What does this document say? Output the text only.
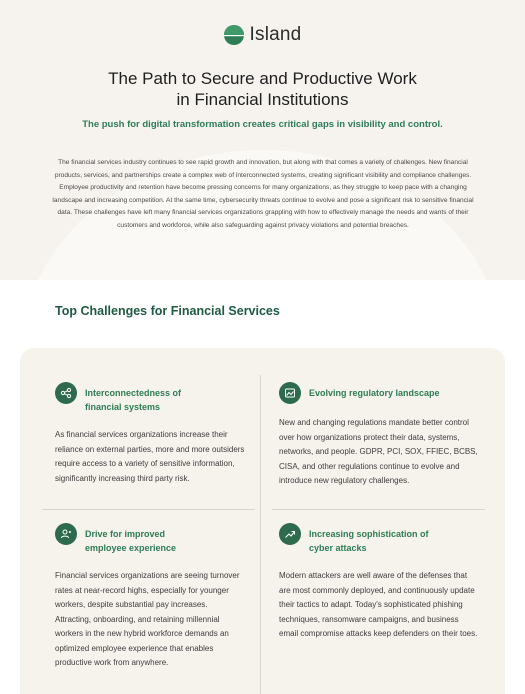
Island
The Path to Secure and Productive Work
in Financial Institutions

The push for digital transformation creates critical gaps in visibility and control.

The financial services industry continues to see rapid growth and innovation, but along with that comes a variety of challenges. New financial products, services, and partnerships create a complex web of interconnected systems, creating significant visibility and compliance challenges. Employee productivity and retention have become pressing concerns for many organizations, as they struggle to keep pace with a changing landscape and increasing competition. At the same time, cybersecurity threats continue to evolve and pose a significant risk to sensitive financial data. These challenges have left many financial services organizations grappling with how to effectively manage the needs and wants of their customers and workforce, while also safeguarding against privacy violations and potential breaches.

Top Challenges for Financial Services
Interconnectedness of
financial systems

As financial services organizations increase their reliance on external parties, more and more outsiders require access to a variety of sensitive information, significantly increasing third party risk.

Evolving regulatory landscape

New and changing regulations mandate better control over how organizations protect their data, systems, networks, and people. GDPR, PCI, SOX, FFIEC, BCBS, CISA, and other regulations continue to evolve and introduce new regulatory challenges.

Drive for improved
employee experience

Financial services organizations are seeing turnover rates at near-record highs, especially for younger workers, despite substantial pay increases. Attracting, onboarding, and retaining millennial workers in the new hybrid workforce demands an optimized employee experience that enables productive work from anywhere.

Increasing sophistication of
cyber attacks

Modern attackers are well aware of the defenses that are most commonly deployed, and continuously update their tactics to adapt. Today's sophisticated phishing techniques, ransomware campaigns, and business email compromise attacks keep defenders on their toes.
